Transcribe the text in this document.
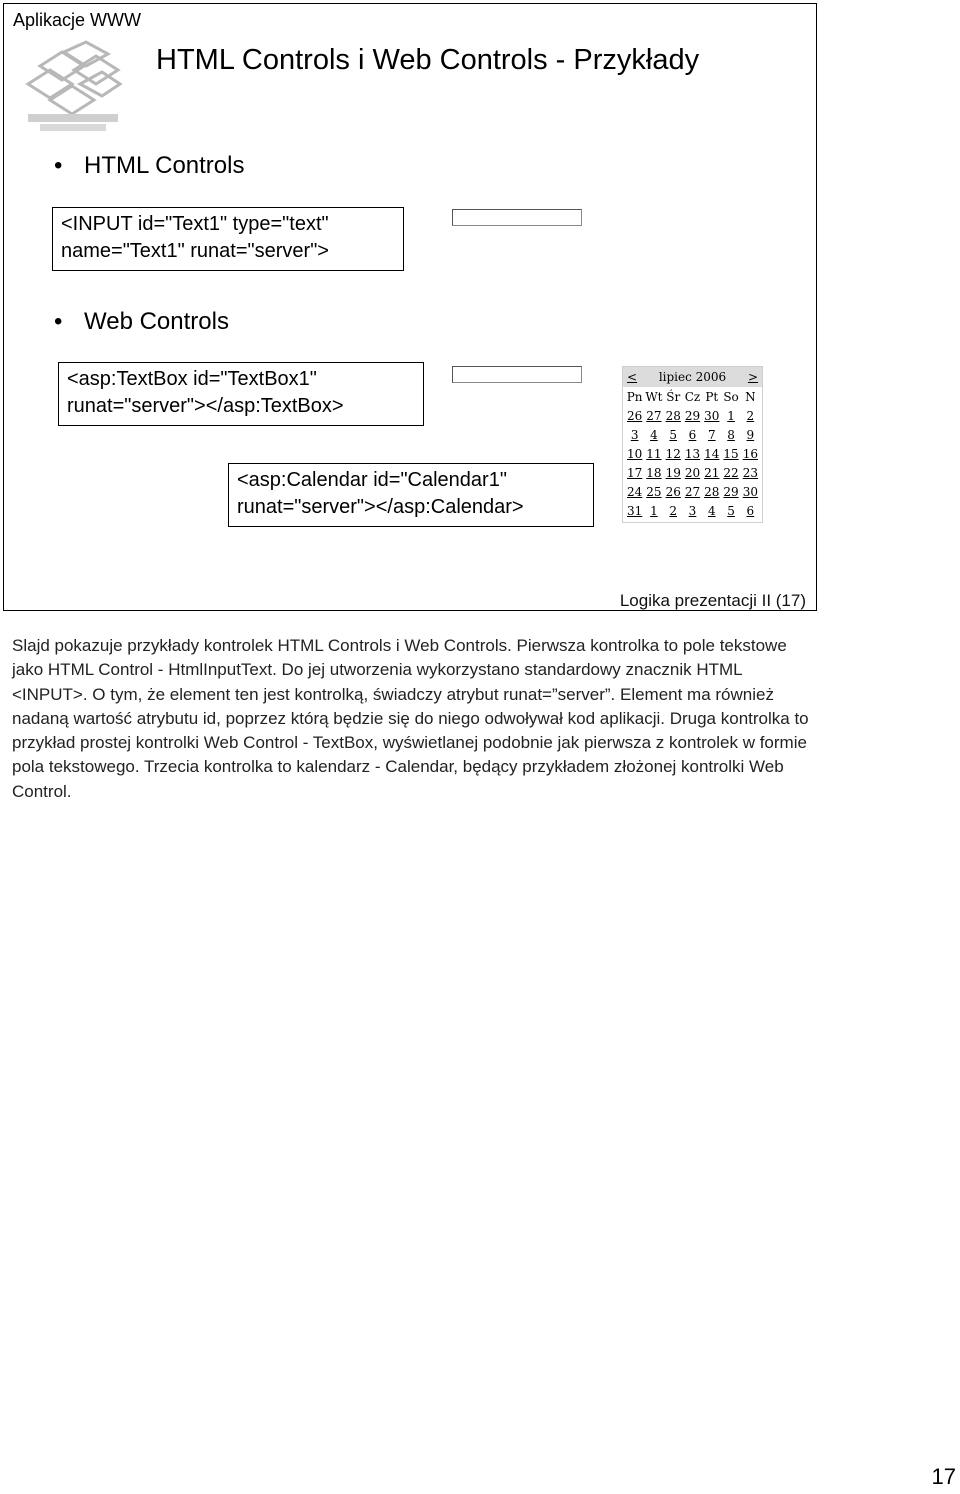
Aplikacje WWW
HTML Controls i Web Controls - Przykłady
• HTML Controls
<INPUT id="Text1" type="text"
name="Text1" runat="server">
• Web Controls
<asp:TextBox id="TextBox1"
runat="server"></asp:TextBox>
<asp:Calendar id="Calendar1"
runat="server"></asp:Calendar>
< lipiec 2006 >
Pn Wt Śr Cz Pt So N
26 27 28 29 30 1 2
3 4 5 6 7 8 9
10 11 12 13 14 15 16
17 18 19 20 21 22 23
24 25 26 27 28 29 30
31 1 2 3 4 5 6
Logika prezentacji II (17)
Slajd pokazuje przykłady kontrolek HTML Controls i Web Controls. Pierwsza kontrolka to pole tekstowe jako HTML Control - HtmlInputText. Do jej utworzenia wykorzystano standardowy znacznik HTML <INPUT>. O tym, że element ten jest kontrolką, świadczy atrybut runat=”server”. Element ma również nadaną wartość atrybutu id, poprzez którą będzie się do niego odwoływał kod aplikacji. Druga kontrolka to przykład prostej kontrolki Web Control - TextBox, wyświetlanej podobnie jak pierwsza z kontrolek w formie pola tekstowego. Trzecia kontrolka to kalendarz - Calendar, będący przykładem złożonej kontrolki Web Control.
17
